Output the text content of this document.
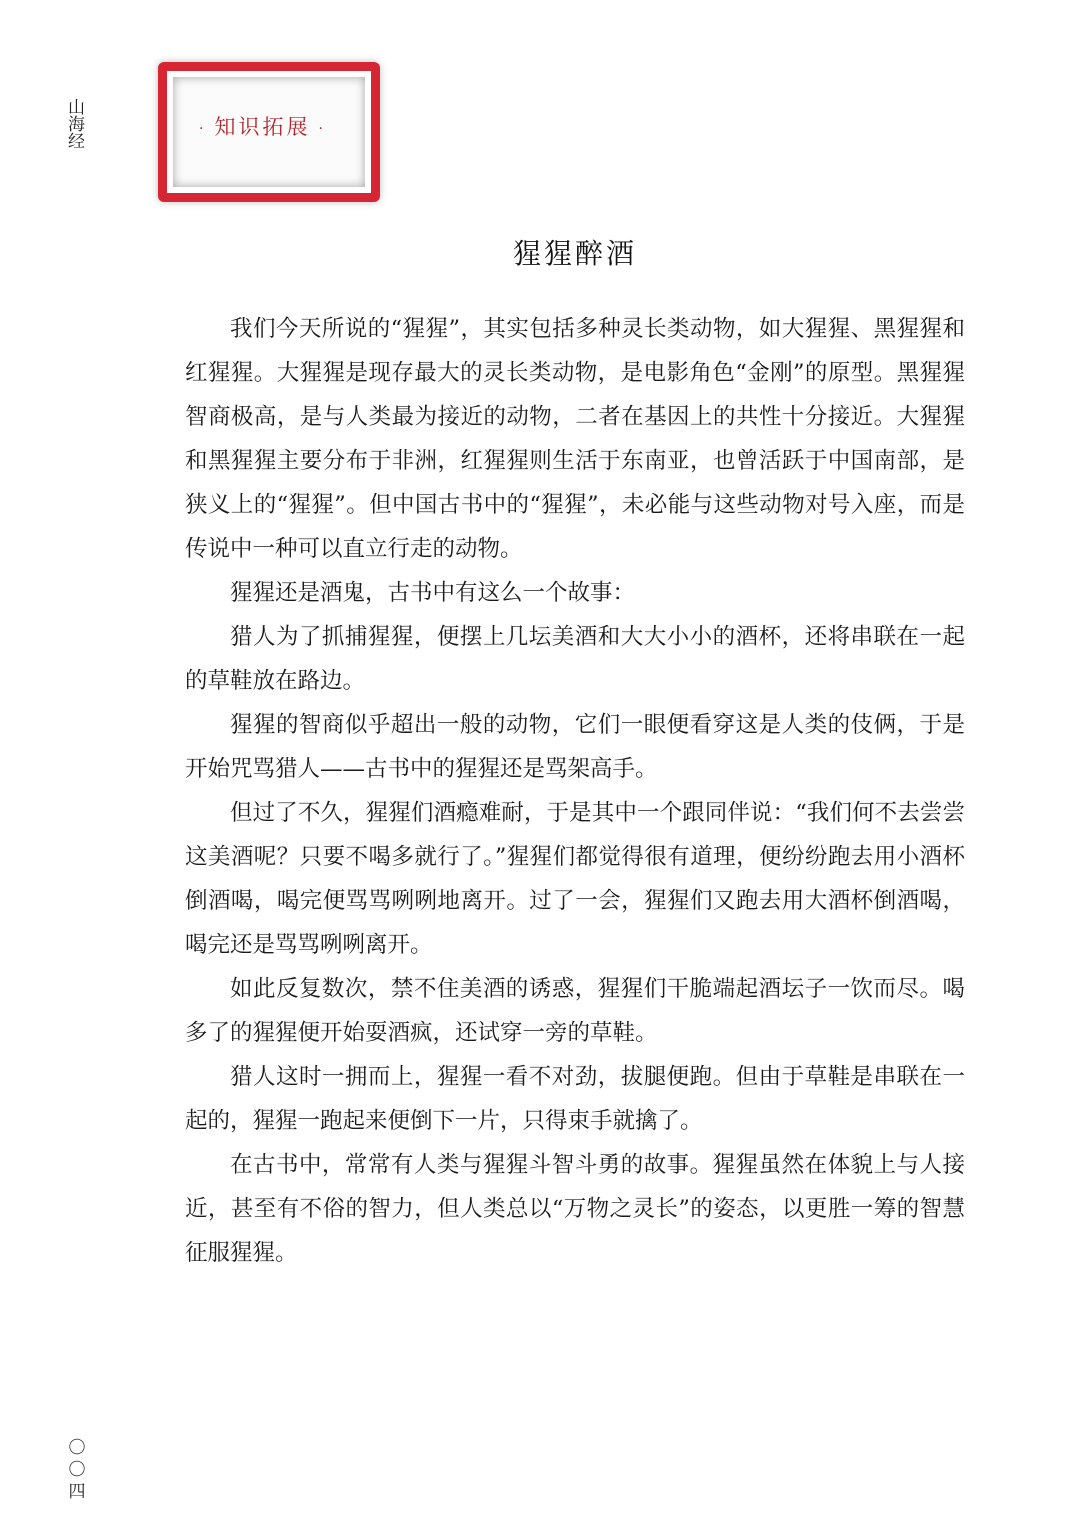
山海经	· 知识拓展 ·
猩猩醉酒

我们今天所说的“猩猩”，其实包括多种灵长类动物，如大猩猩、黑猩猩和红猩猩。大猩猩是现存最大的灵长类动物，是电影角色“金刚”的原型。黑猩猩智商极高，是与人类最为接近的动物，二者在基因上的共性十分接近。大猩猩和黑猩猩主要分布于非洲，红猩猩则生活于东南亚，也曾活跃于中国南部，是狭义上的“猩猩”。但中国古书中的“猩猩”，未必能与这些动物对号入座，而是传说中一种可以直立行走的动物。

猩猩还是酒鬼，古书中有这么一个故事：

猎人为了抓捕猩猩，便摆上几坛美酒和大大小小的酒杯，还将串联在一起的草鞋放在路边。

猩猩的智商似乎超出一般的动物，它们一眼便看穿这是人类的伎俩，于是开始咒骂猎人——古书中的猩猩还是骂架高手。

但过了不久，猩猩们酒瘾难耐，于是其中一个跟同伴说：“我们何不去尝尝这美酒呢？只要不喝多就行了。”猩猩们都觉得很有道理，便纷纷跑去用小酒杯倒酒喝，喝完便骂骂咧咧地离开。过了一会，猩猩们又跑去用大酒杯倒酒喝，喝完还是骂骂咧咧离开。

如此反复数次，禁不住美酒的诱惑，猩猩们干脆端起酒坛子一饮而尽。喝多了的猩猩便开始耍酒疯，还试穿一旁的草鞋。

猎人这时一拥而上，猩猩一看不对劲，拔腿便跑。但由于草鞋是串联在一起的，猩猩一跑起来便倒下一片，只得束手就擒了。

在古书中，常常有人类与猩猩斗智斗勇的故事。猩猩虽然在体貌上与人接近，甚至有不俗的智力，但人类总以“万物之灵长”的姿态，以更胜一筹的智慧征服猩猩。

〇
〇
四
